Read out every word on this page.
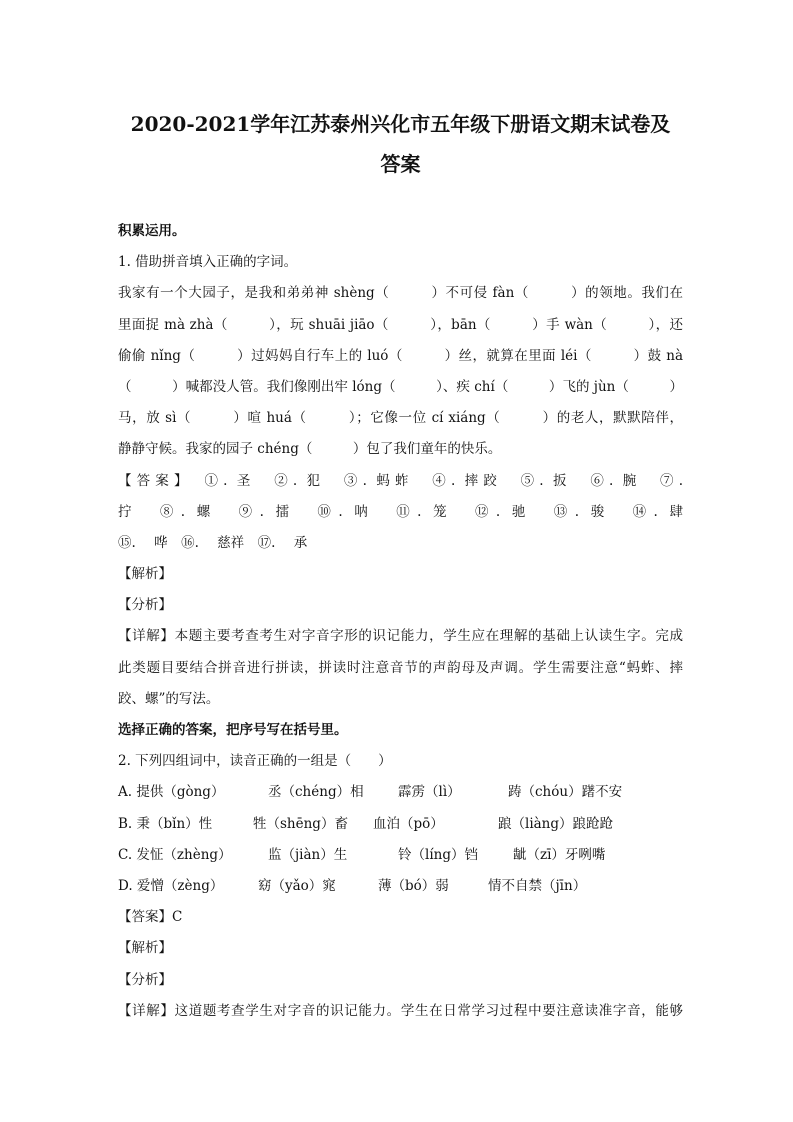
2020-2021学年江苏泰州兴化市五年级下册语文期末试卷及
答案
积累运用。
1. 借助拼音填入正确的字词。
我家有一个大园子，是我和弟弟神 shèng（　　　）不可侵 fàn（　　　）的领地。我们在
里面捉 mà zhà（　　　），玩 shuāi jiāo（　　　），bān（　　　）手 wàn（　　　），还
偷偷 nǐng（　　　）过妈妈自行车上的 luó（　　　）丝，就算在里面 léi（　　　）鼓 nà
（　　　）喊都没人管。我们像刚出牢 lóng（　　　）、疾 chí（　　　）飞的 jùn（　　　）
马，放 sì（　　　）喧 huá（　　　）；它像一位 cí xiáng（　　　）的老人，默默陪伴，
静静守候。我家的园子 chéng（　　　）包了我们童年的快乐。
【答案】　①. 圣　②. 犯　③. 蚂蚱　④. 摔跤　⑤. 扳　⑥. 腕　⑦.
拧　⑧. 螺　⑨. 擂　⑩. 呐　⑪. 笼　⑫. 驰　⑬. 骏　⑭. 肆
⑮. 哗　⑯. 慈祥　⑰. 承
【解析】
【分析】
【详解】本题主要考查考生对字音字形的识记能力，学生应在理解的基础上认读生字。完成
此类题目要结合拼音进行拼读，拼读时注意音节的声韵母及声调。学生需要注意“蚂蚱、摔
跤、螺”的写法。
选择正确的答案，把序号写在括号里。
2. 下列四组词中，读音正确的一组是（　　）
A. 提供（gòng）	丞（chéng）相	霹雳（lì）	踌（chóu）躇不安
B. 秉（bǐn）性	牲（shēng）畜 血泊（pō）	踉（liàng）踉跄跄
C. 发怔（zhèng）	监（jiàn）生	铃（líng）铛	龇（zī）牙咧嘴
D. 爱憎（zèng）	窈（yǎo）窕	薄（bó）弱	情不自禁（jīn）
【答案】C
【解析】
【分析】
【详解】这道题考查学生对字音的识记能力。学生在日常学习过程中要注意读准字音，能够
